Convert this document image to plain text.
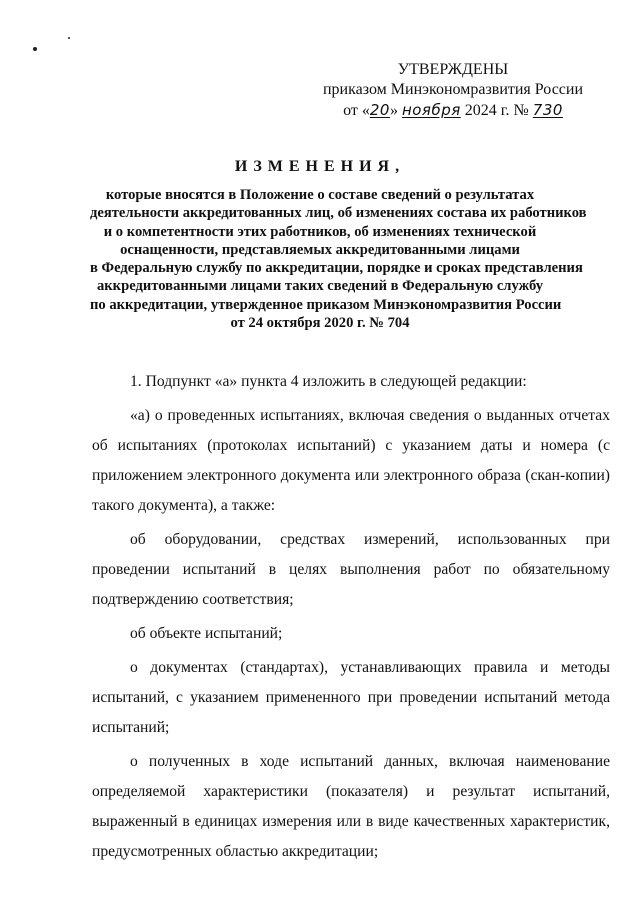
УТВЕРЖДЕНЫ
приказом Минэкономразвития России
от «20» ноября 2024 г. № 730
ИЗМЕНЕНИЯ,
которые вносятся в Положение о составе сведений о результатах
деятельности аккредитованных лиц, об изменениях состава их работников
и о компетентности этих работников, об изменениях технической
оснащенности, представляемых аккредитованными лицами
в Федеральную службу по аккредитации, порядке и сроках представления
аккредитованными лицами таких сведений в Федеральную службу
по аккредитации, утвержденное приказом Минэкономразвития России
от 24 октября 2020 г. № 704

1. Подпункт «а» пункта 4 изложить в следующей редакции:

«а) о проведенных испытаниях, включая сведения о выданных отчетах об испытаниях (протоколах испытаний) с указанием даты и номера (с приложением электронного документа или электронного образа (скан-копии) такого документа), а также:

об оборудовании, средствах измерений, использованных при проведении испытаний в целях выполнения работ по обязательному подтверждению соответствия;

об объекте испытаний;

о документах (стандартах), устанавливающих правила и методы испытаний, с указанием примененного при проведении испытаний метода испытаний;

о полученных в ходе испытаний данных, включая наименование определяемой характеристики (показателя) и результат испытаний, выраженный в единицах измерения или в виде качественных характеристик, предусмотренных областью аккредитации;
